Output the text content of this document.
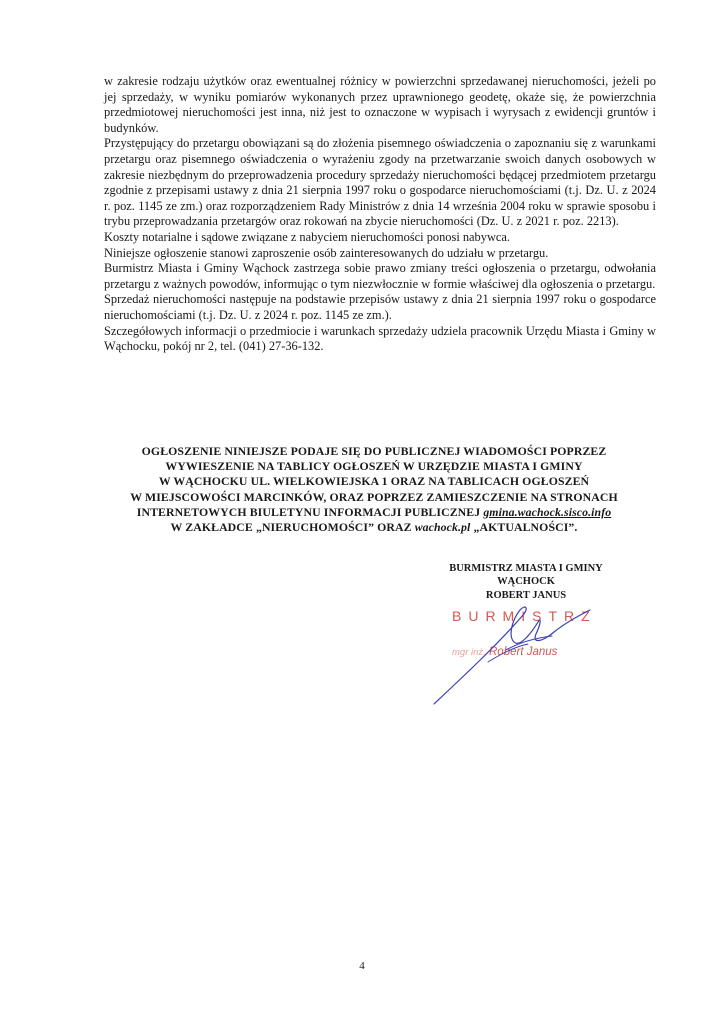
w zakresie rodzaju użytków oraz ewentualnej różnicy w powierzchni sprzedawanej nieruchomości, jeżeli po jej sprzedaży, w wyniku pomiarów wykonanych przez uprawnionego geodetę, okaże się, że powierzchnia przedmiotowej nieruchomości jest inna, niż jest to oznaczone w wypisach i wyrysach z ewidencji gruntów i budynków.

Przystępujący do przetargu obowiązani są do złożenia pisemnego oświadczenia o zapoznaniu się z warunkami przetargu oraz pisemnego oświadczenia o wyrażeniu zgody na przetwarzanie swoich danych osobowych w zakresie niezbędnym do przeprowadzenia procedury sprzedaży nieruchomości będącej przedmiotem przetargu zgodnie z przepisami ustawy z dnia 21 sierpnia 1997 roku o gospodarce nieruchomościami (t.j. Dz. U. z 2024 r. poz. 1145 ze zm.) oraz rozporządzeniem Rady Ministrów z dnia 14 września 2004 roku w sprawie sposobu i trybu przeprowadzania przetargów oraz rokowań na zbycie nieruchomości (Dz. U. z 2021 r. poz. 2213).

Koszty notarialne i sądowe związane z nabyciem nieruchomości ponosi nabywca.

Niniejsze ogłoszenie stanowi zaproszenie osób zainteresowanych do udziału w przetargu.

Burmistrz Miasta i Gminy Wąchock zastrzega sobie prawo zmiany treści ogłoszenia o przetargu, odwołania przetargu z ważnych powodów, informując o tym niezwłocznie w formie właściwej dla ogłoszenia o przetargu.

Sprzedaż nieruchomości następuje na podstawie przepisów ustawy z dnia 21 sierpnia 1997 roku o gospodarce nieruchomościami (t.j. Dz. U. z 2024 r. poz. 1145 ze zm.).

Szczegółowych informacji o przedmiocie i warunkach sprzedaży udziela pracownik Urzędu Miasta i Gminy w Wąchocku, pokój nr 2, tel. (041) 27-36-132.

OGŁOSZENIE NINIEJSZE PODAJE SIĘ DO PUBLICZNEJ WIADOMOŚCI POPRZEZ
WYWIESZENIE NA TABLICY OGŁOSZEŃ W URZĘDZIE MIASTA I GMINY
W WĄCHOCKU UL. WIELKOWIEJSKA 1 ORAZ NA TABLICACH OGŁOSZEŃ
W MIEJSCOWOŚCI MARCINKÓW, ORAZ POPRZEZ ZAMIESZCZENIE NA STRONACH
INTERNETOWYCH BIULETYNU INFORMACJI PUBLICZNEJ gmina.wachock.sisco.info
W ZAKŁADCE „NIERUCHOMOŚCI” ORAZ wachock.pl „AKTUALNOŚCI”.
BURMISTRZ MIASTA I GMINY
WĄCHOCK
ROBERT JANUS
BURMISTRZ
mgr inż. Robert Janus
4
